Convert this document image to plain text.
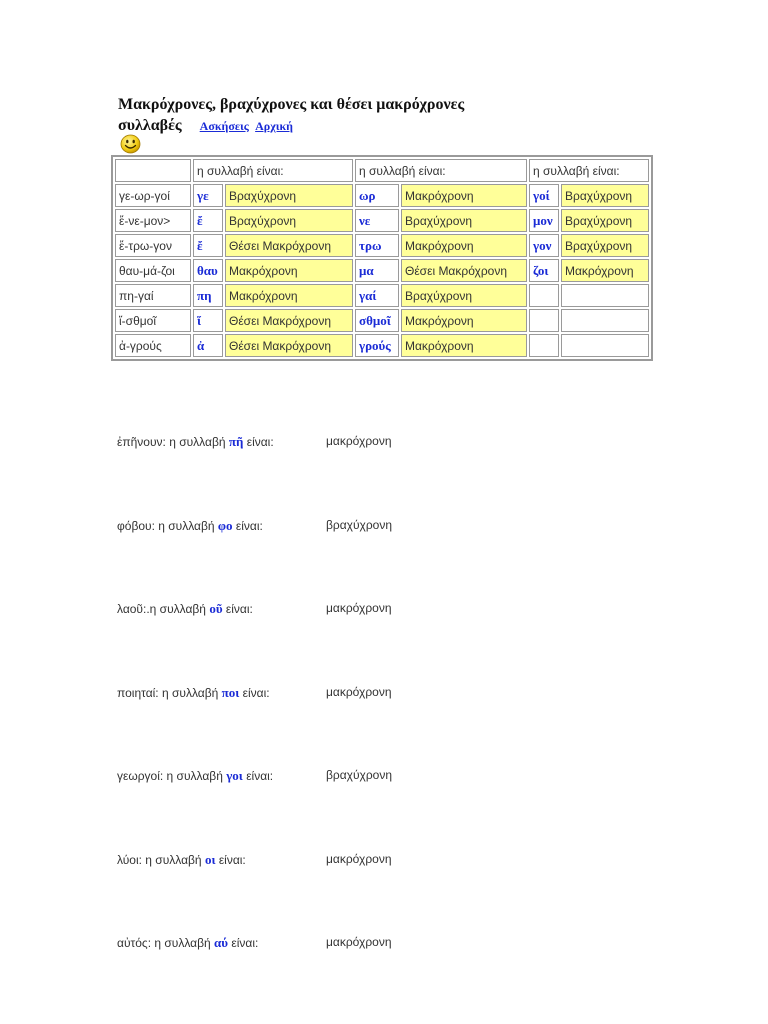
Μακρόχρονες, βραχύχρονες και θέσει μακρόχρονες
συλλαβές Ασκήσεις Αρχική
	η συλλαβή είναι:		η συλλαβή είναι:		η συλλαβή είναι:	
γε-ωρ-γοί	γε	Βραχύχρονη	ωρ	Μακρόχρονη	γοί	Βραχύχρονη
ἔ-νε-μον>	ἔ	Βραχύχρονη	νε	Βραχύχρονη	μον	Βραχύχρονη
ἔ-τρω-γον	ἔ	Θέσει Μακρόχρονη	τρω	Μακρόχρονη	γον	Βραχύχρονη
θαυ-μά-ζοι	θαυ	Μακρόχρονη	μα	Θέσει Μακρόχρονη	ζοι	Μακρόχρονη
πη-γαί	πη	Μακρόχρονη	γαί	Βραχύχρονη		
ἵ-σθμοῖ	ἵ	Θέσει Μακρόχρονη	σθμοῖ	Μακρόχρονη		
ἀ-γρούς	ἀ	Θέσει Μακρόχρονη	γρούς	Μακρόχρονη		
ἐπῆνουν: η συλλαβή πῆ είναι:	μακρόχρονη
φόβου: η συλλαβή φο είναι:	βραχύχρονη
λαοῦ:.η συλλαβή οῦ είναι:	μακρόχρονη
ποιηταί: η συλλαβή ποι είναι:	μακρόχρονη
γεωργοί: η συλλαβή γοι είναι:	βραχύχρονη
λύοι: η συλλαβή οι είναι:	μακρόχρονη
αὐτός: η συλλαβή αύ είναι:	μακρόχρονη
